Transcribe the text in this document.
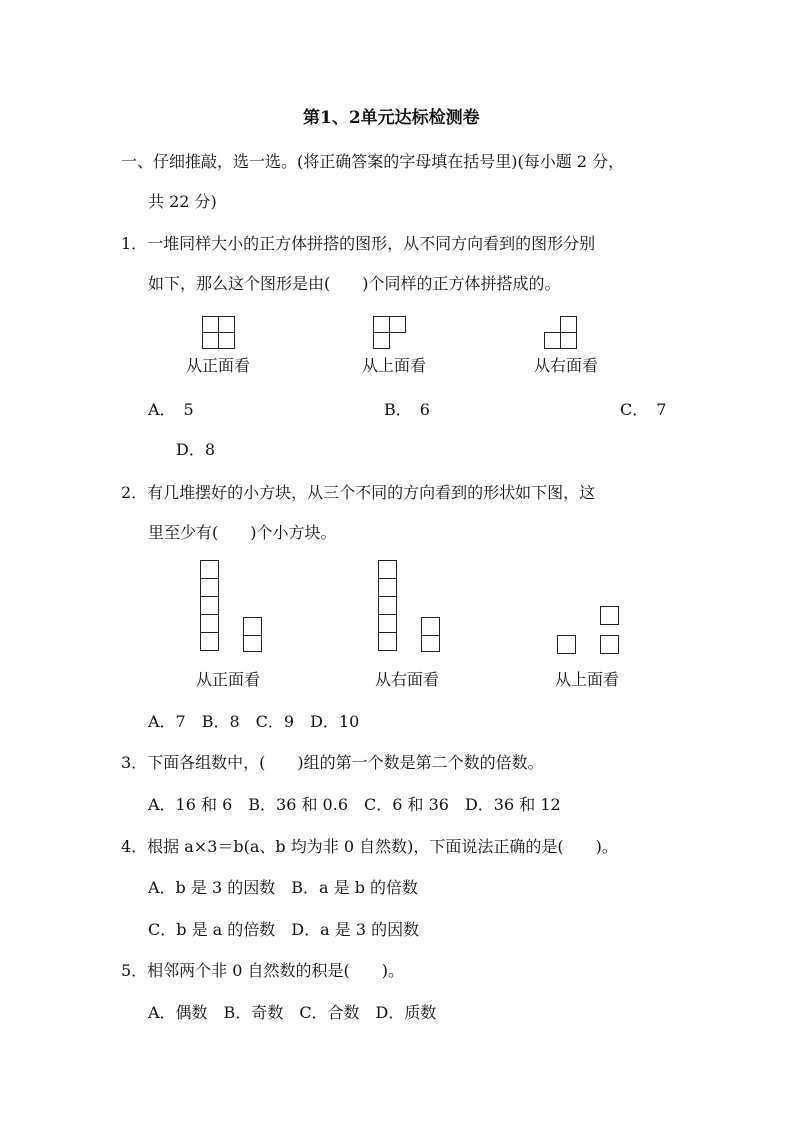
第1、2单元达标检测卷
一、仔细推敲，选一选。(将正确答案的字母填在括号里)(每小题 2 分，
共 22 分)
1．一堆同样大小的正方体拼搭的图形，从不同方向看到的图形分别
如下，那么这个图形是由(　　)个同样的正方体拼搭成的。
从正面看	从上面看	从右面看
A．　5	B．　6	C．　7
D．8
2．有几堆摆好的小方块，从三个不同的方向看到的形状如下图，这
里至少有(　　)个小方块。
从正面看	从右面看	从上面看
A．7　B．8　C．9　D．10
3．下面各组数中，(　　)组的第一个数是第二个数的倍数。
A．16 和 6　B．36 和 0.6　C．6 和 36　D．36 和 12
4．根据 a×3＝b(a、b 均为非 0 自然数)，下面说法正确的是(　　)。
A．b 是 3 的因数　B．a 是 b 的倍数
C．b 是 a 的倍数　D．a 是 3 的因数
5．相邻两个非 0 自然数的积是(　　)。
A．偶数　B．奇数　C．合数　D．质数
